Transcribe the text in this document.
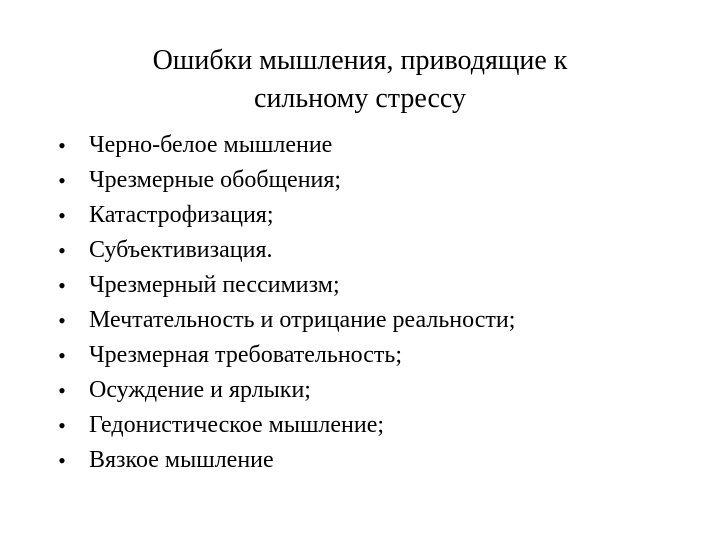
Ошибки мышления, приводящие к
сильному стрессу
• Черно-белое мышление
• Чрезмерные обобщения;
• Катастрофизация;
• Субъективизация.
• Чрезмерный пессимизм;
• Мечтательность и отрицание реальности;
• Чрезмерная требовательность;
• Осуждение и ярлыки;
• Гедонистическое мышление;
• Вязкое мышление
